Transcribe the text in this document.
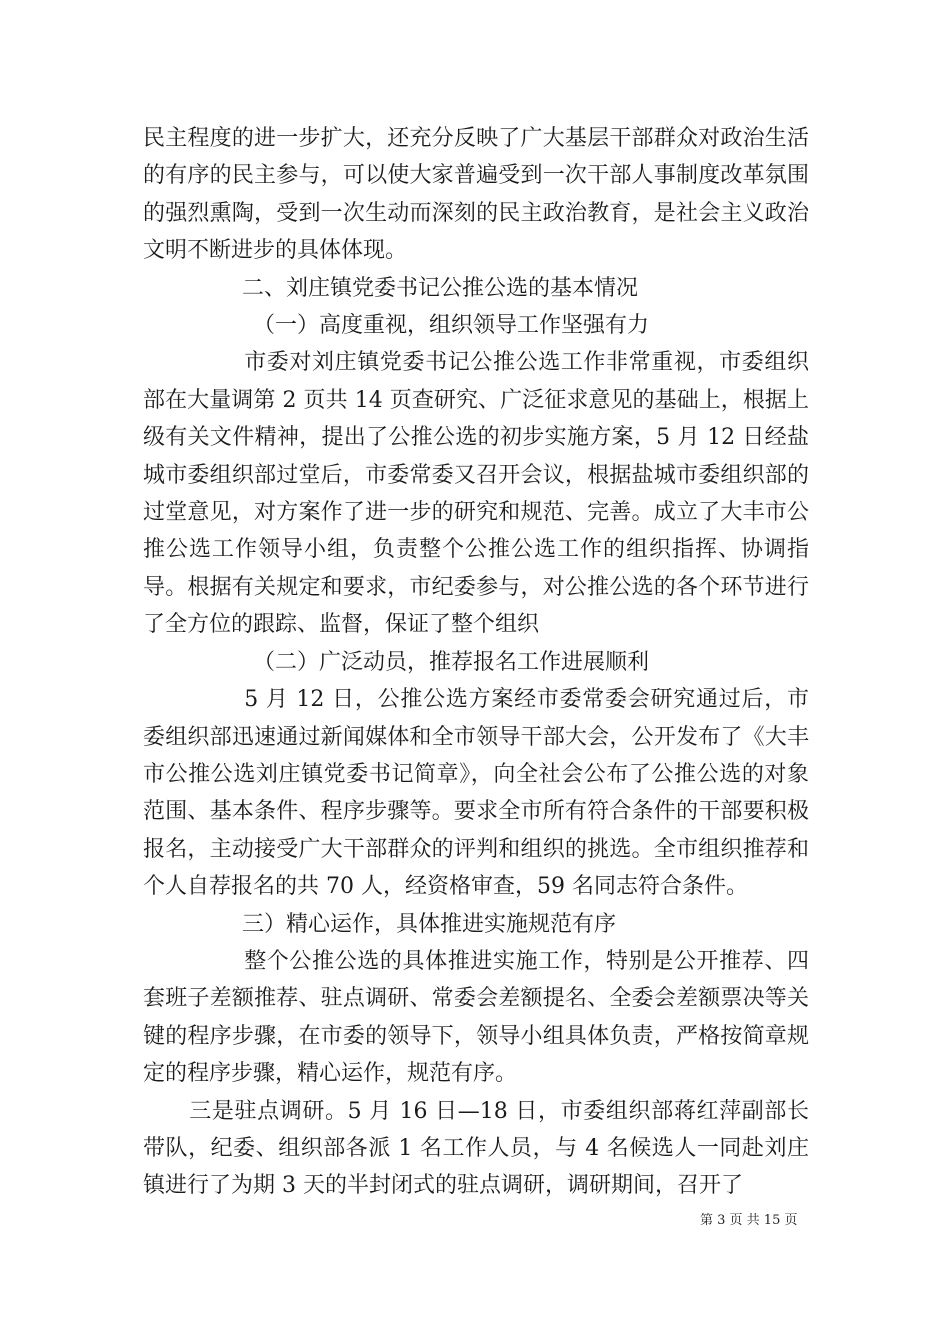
民主程度的进一步扩大，还充分反映了广大基层干部群众对政治生活的有序的民主参与，可以使大家普遍受到一次干部人事制度改革氛围的强烈熏陶，受到一次生动而深刻的民主政治教育，是社会主义政治文明不断进步的具体体现。

二、刘庄镇党委书记公推公选的基本情况

（一）高度重视，组织领导工作坚强有力

市委对刘庄镇党委书记公推公选工作非常重视，市委组织部在大量调第 2 页共 14 页查研究、广泛征求意见的基础上，根据上级有关文件精神，提出了公推公选的初步实施方案，5 月 12 日经盐城市委组织部过堂后，市委常委又召开会议，根据盐城市委组织部的过堂意见，对方案作了进一步的研究和规范、完善。成立了大丰市公推公选工作领导小组，负责整个公推公选工作的组织指挥、协调指导。根据有关规定和要求，市纪委参与，对公推公选的各个环节进行了全方位的跟踪、监督，保证了整个组织

（二）广泛动员，推荐报名工作进展顺利

5 月 12 日，公推公选方案经市委常委会研究通过后，市委组织部迅速通过新闻媒体和全市领导干部大会，公开发布了《大丰市公推公选刘庄镇党委书记简章》，向全社会公布了公推公选的对象范围、基本条件、程序步骤等。要求全市所有符合条件的干部要积极报名，主动接受广大干部群众的评判和组织的挑选。全市组织推荐和个人自荐报名的共 70 人，经资格审查，59 名同志符合条件。

三）精心运作，具体推进实施规范有序

整个公推公选的具体推进实施工作，特别是公开推荐、四套班子差额推荐、驻点调研、常委会差额提名、全委会差额票决等关键的程序步骤，在市委的领导下，领导小组具体负责，严格按简章规定的程序步骤，精心运作，规范有序。

三是驻点调研。5 月 16 日—18 日，市委组织部蒋红萍副部长带队，纪委、组织部各派 1 名工作人员，与 4 名候选人一同赴刘庄镇进行了为期 3 天的半封闭式的驻点调研，调研期间，召开了

第 3 页 共 15 页
